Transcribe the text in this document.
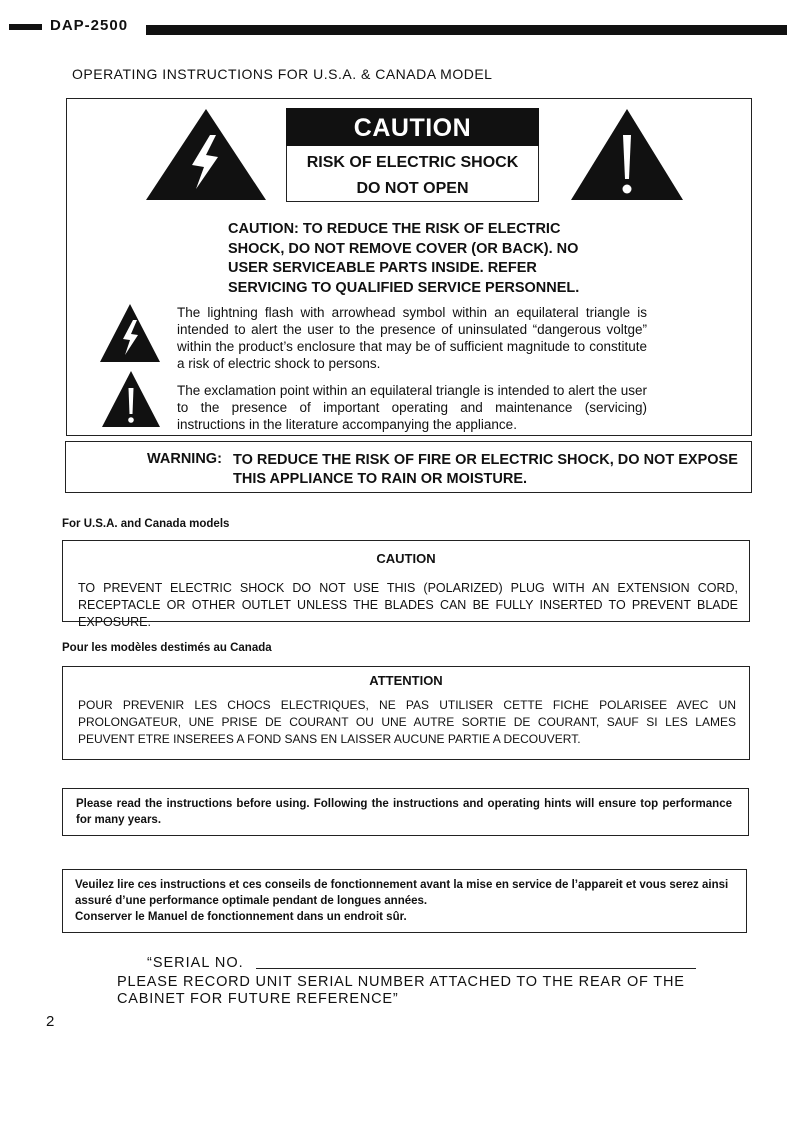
DAP-2500
OPERATING INSTRUCTIONS FOR U.S.A. & CANADA MODEL
CAUTION
RISK OF ELECTRIC SHOCK
DO NOT OPEN
CAUTION: TO REDUCE THE RISK OF ELECTRIC SHOCK, DO NOT REMOVE COVER (OR BACK). NO USER SERVICEABLE PARTS INSIDE. REFER SERVICING TO QUALIFIED SERVICE PERSONNEL.
The lightning flash with arrowhead symbol within an equilateral triangle is intended to alert the user to the presence of uninsulated “dangerous voltge” within the product’s enclosure that may be of sufficient magnitude to constitute a risk of electric shock to persons.
The exclamation point within an equilateral triangle is intended to alert the user to the presence of important operating and maintenance (servicing) instructions in the literature accompanying the appliance.
WARNING: TO REDUCE THE RISK OF FIRE OR ELECTRIC SHOCK, DO NOT EXPOSE THIS APPLIANCE TO RAIN OR MOISTURE.
For U.S.A. and Canada models
CAUTION
TO PREVENT ELECTRIC SHOCK DO NOT USE THIS (POLARIZED) PLUG WITH AN EXTENSION CORD, RECEPTACLE OR OTHER OUTLET UNLESS THE BLADES CAN BE FULLY INSERTED TO PREVENT BLADE EXPOSURE.
Pour les modèles destimés au Canada
ATTENTION
POUR PREVENIR LES CHOCS ELECTRIQUES, NE PAS UTILISER CETTE FICHE POLARISEE AVEC UN PROLONGATEUR, UNE PRISE DE COURANT OU UNE AUTRE SORTIE DE COURANT, SAUF SI LES LAMES PEUVENT ETRE INSEREES A FOND SANS EN LAISSER AUCUNE PARTIE A DECOUVERT.
Please read the instructions before using. Following the instructions and operating hints will ensure top performance for many years.
Veuilez lire ces instructions et ces conseils de fonctionnement avant la mise en service de l’appareit et vous serez ainsi assuré d’une performance optimale pendant de longues années.
Conserver le Manuel de fonctionnement dans un endroit sûr.
“SERIAL NO.
PLEASE RECORD UNIT SERIAL NUMBER ATTACHED TO THE REAR OF THE CABINET FOR FUTURE REFERENCE”
2
